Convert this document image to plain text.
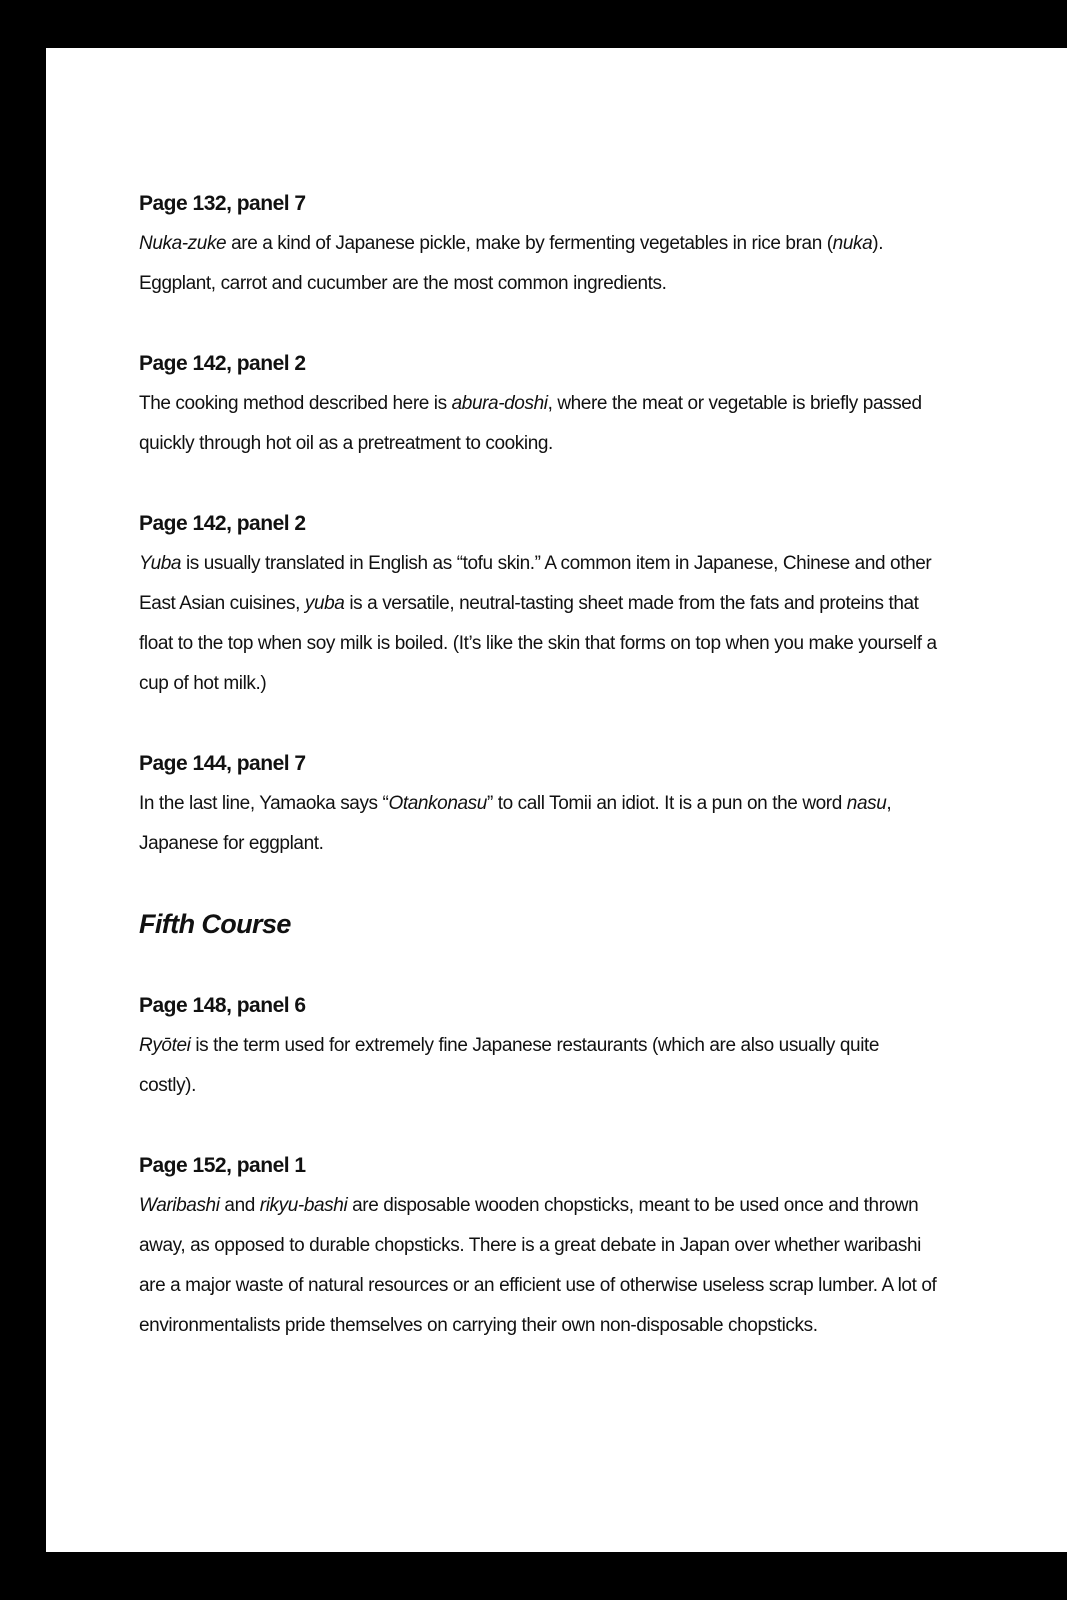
Page 132, panel 7

Nuka-zuke are a kind of Japanese pickle, make by fermenting vegetables in rice bran (nuka). Eggplant, carrot and cucumber are the most common ingredients.

Page 142, panel 2

The cooking method described here is abura-doshi, where the meat or vegetable is briefly passed quickly through hot oil as a pretreatment to cooking.

Page 142, panel 2

Yuba is usually translated in English as “tofu skin.” A common item in Japanese, Chinese and other East Asian cuisines, yuba is a versatile, neutral-tasting sheet made from the fats and proteins that float to the top when soy milk is boiled. (It’s like the skin that forms on top when you make yourself a cup of hot milk.)

Page 144, panel 7

In the last line, Yamaoka says “Otankonasu” to call Tomii an idiot. It is a pun on the word nasu, Japanese for eggplant.

Fifth Course
Page 148, panel 6

Ryōtei is the term used for extremely fine Japanese restaurants (which are also usually quite costly).

Page 152, panel 1

Waribashi and rikyu-bashi are disposable wooden chopsticks, meant to be used once and thrown away, as opposed to durable chopsticks. There is a great debate in Japan over whether waribashi are a major waste of natural resources or an efficient use of otherwise useless scrap lumber. A lot of environmentalists pride themselves on carrying their own non-disposable chopsticks.
